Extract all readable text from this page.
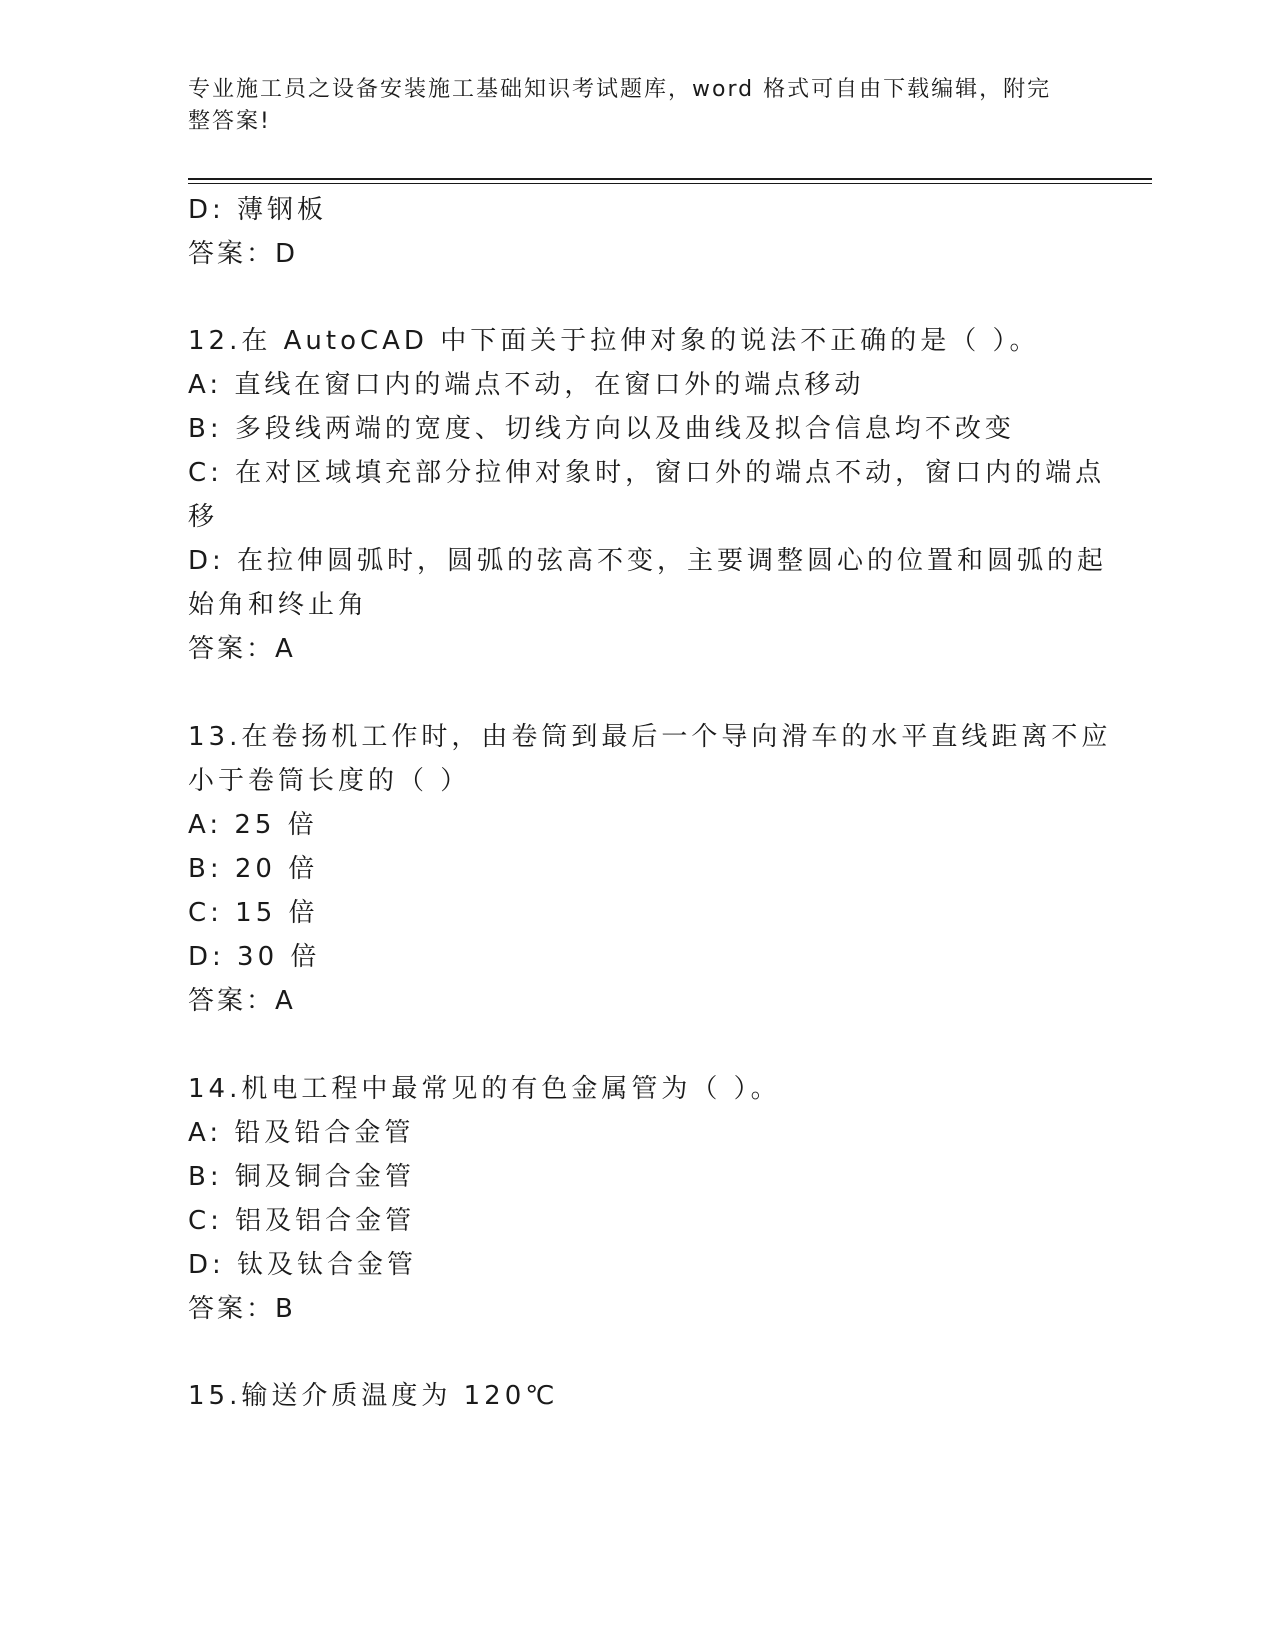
专业施工员之设备安装施工基础知识考试题库，word 格式可自由下载编辑，附完
整答案!
D: 薄钢板
答案：D
12.在 AutoCAD 中下面关于拉伸对象的说法不正确的是（ ）。
A: 直线在窗口内的端点不动，在窗口外的端点移动
B: 多段线两端的宽度、切线方向以及曲线及拟合信息均不改变
C: 在对区域填充部分拉伸对象时，窗口外的端点不动，窗口内的端点
移
D: 在拉伸圆弧时，圆弧的弦高不变，主要调整圆心的位置和圆弧的起
始角和终止角
答案：A
13.在卷扬机工作时，由卷筒到最后一个导向滑车的水平直线距离不应
小于卷筒长度的（ ）
A: 25 倍
B: 20 倍
C: 15 倍
D: 30 倍
答案：A
14.机电工程中最常见的有色金属管为（ ）。
A: 铅及铅合金管
B: 铜及铜合金管
C: 铝及铝合金管
D: 钛及钛合金管
答案：B
15.输送介质温度为 120℃
